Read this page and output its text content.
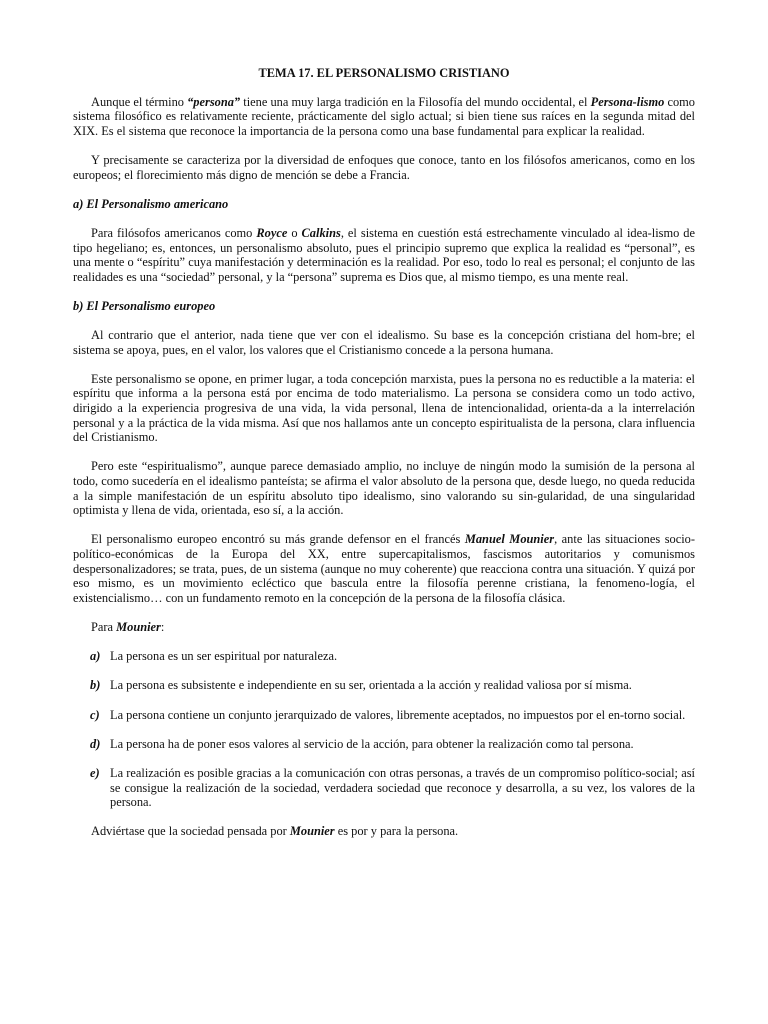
TEMA 17. EL PERSONALISMO CRISTIANO

Aunque el término “persona” tiene una muy larga tradición en la Filosofía del mundo occidental, el Persona-lismo como sistema filosófico es relativamente reciente, prácticamente del siglo actual; si bien tiene sus raíces en la segunda mitad del XIX. Es el sistema que reconoce la importancia de la persona como una base fundamental para explicar la realidad.

Y precisamente se caracteriza por la diversidad de enfoques que conoce, tanto en los filósofos americanos, como en los europeos; el florecimiento más digno de mención se debe a Francia.

a) El Personalismo americano

Para filósofos americanos como Royce o Calkins, el sistema en cuestión está estrechamente vinculado al idea-lismo de tipo hegeliano; es, entonces, un personalismo absoluto, pues el principio supremo que explica la realidad es “personal”, es una mente o “espíritu” cuya manifestación y determinación es la realidad. Por eso, todo lo real es personal; el conjunto de las realidades es una “sociedad” personal, y la “persona” suprema es Dios que, al mismo tiempo, es una mente real.

b) El Personalismo europeo

Al contrario que el anterior, nada tiene que ver con el idealismo. Su base es la concepción cristiana del hom-bre; el sistema se apoya, pues, en el valor, los valores que el Cristianismo concede a la persona humana.

Este personalismo se opone, en primer lugar, a toda concepción marxista, pues la persona no es reductible a la materia: el espíritu que informa a la persona está por encima de todo materialismo. La persona se considera como un todo activo, dirigido a la experiencia progresiva de una vida, la vida personal, llena de intencionalidad, orienta-da a la interrelación personal y a la práctica de la vida misma. Así que nos hallamos ante un concepto espiritualista de la persona, clara influencia del Cristianismo.

Pero este “espiritualismo”, aunque parece demasiado amplio, no incluye de ningún modo la sumisión de la persona al todo, como sucedería en el idealismo panteísta; se afirma el valor absoluto de la persona que, desde luego, no queda reducida a la simple manifestación de un espíritu absoluto tipo idealismo, sino valorando su sin-gularidad, de una singularidad optimista y llena de vida, orientada, eso sí, a la acción.

El personalismo europeo encontró su más grande defensor en el francés Manuel Mounier, ante las situaciones socio-político-económicas de la Europa del XX, entre supercapitalismos, fascismos autoritarios y comunismos despersonalizadores; se trata, pues, de un sistema (aunque no muy coherente) que reacciona contra una situación. Y quizá por eso mismo, es un movimiento ecléctico que bascula entre la filosofía perenne cristiana, la fenomeno-logía, el existencialismo… con un fundamento remoto en la concepción de la persona de la filosofía clásica.

Para Mounier:

a) La persona es un ser espiritual por naturaleza.
b) La persona es subsistente e independiente en su ser, orientada a la acción y realidad valiosa por sí misma.
c) La persona contiene un conjunto jerarquizado de valores, libremente aceptados, no impuestos por el en-torno social.
d) La persona ha de poner esos valores al servicio de la acción, para obtener la realización como tal persona.
e) La realización es posible gracias a la comunicación con otras personas, a través de un compromiso político-social; así se consigue la realización de la sociedad, verdadera sociedad que reconoce y desarrolla, a su vez, los valores de la persona.

Adviértase que la sociedad pensada por Mounier es por y para la persona.
